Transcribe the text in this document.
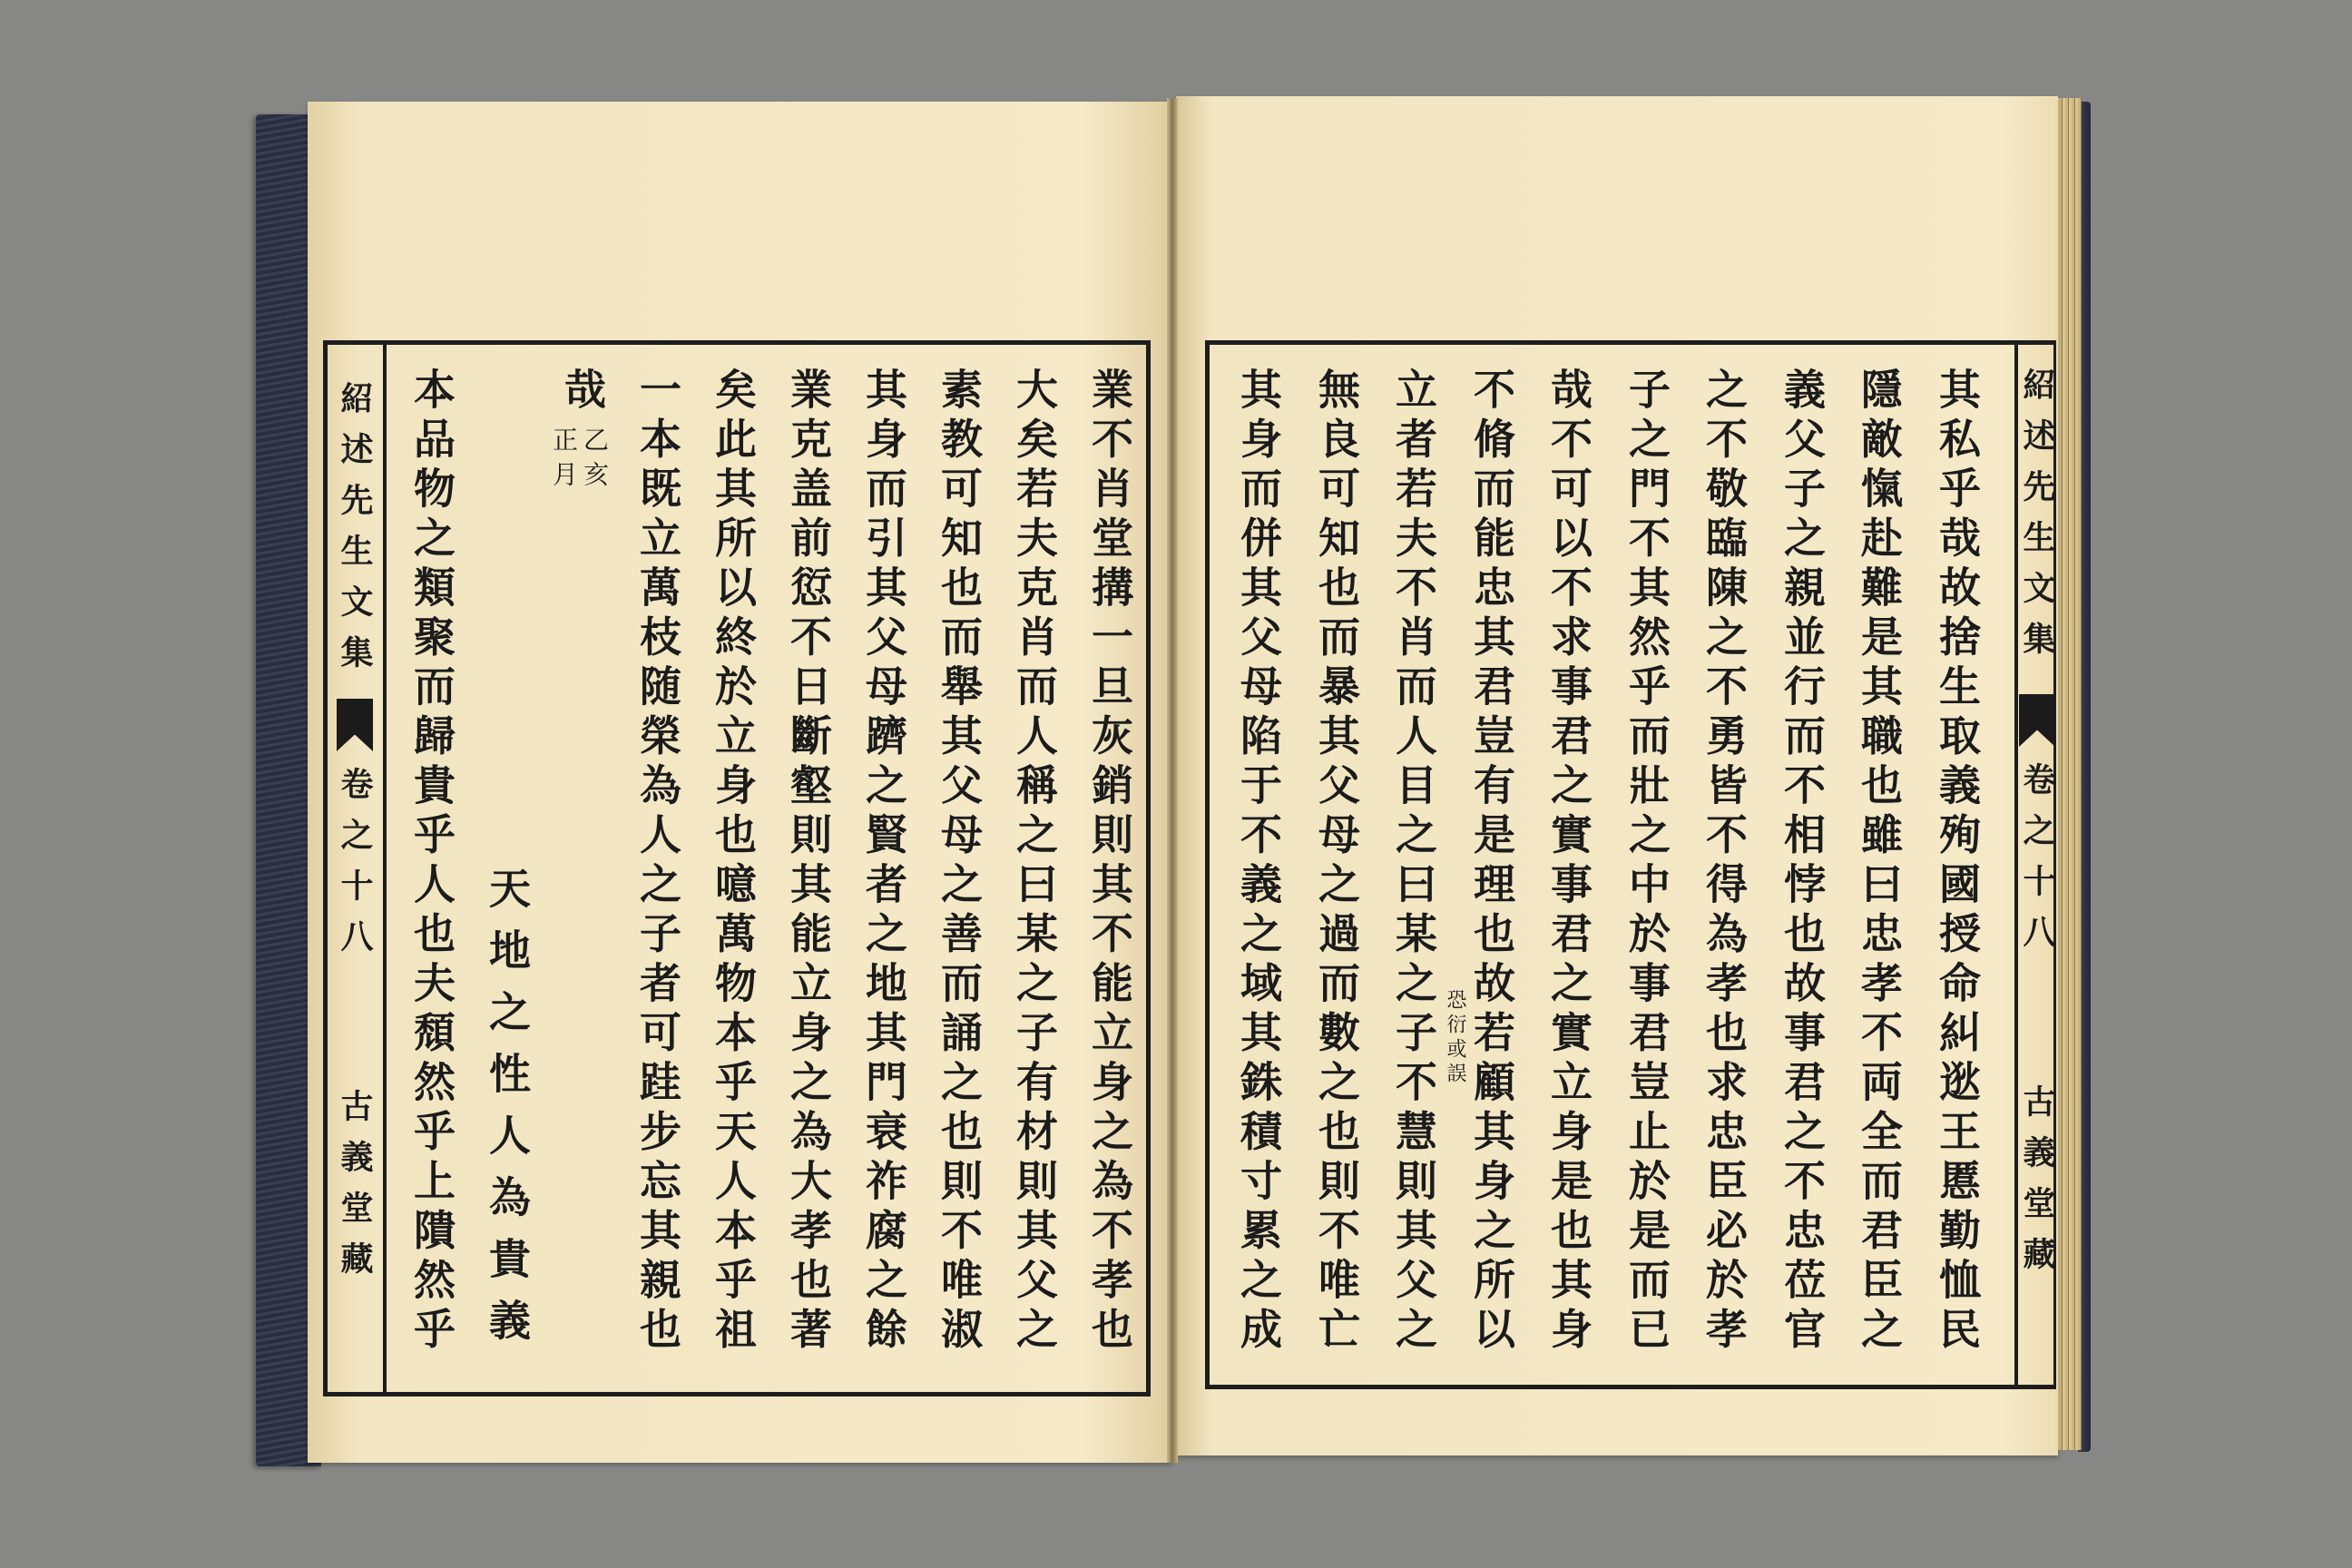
紹述先生文集
卷之十八
古義堂藏	業不肖堂搆一旦灰銷則其不能立身之為不孝也
大矣若夫克肖而人稱之曰某之子有材則其父之
素教可知也而舉其父母之善而誦之也則不唯淑
其身而引其父母躋之賢者之地其門衰祚腐之餘
業克盖前愆不日斷壑則其能立身之為大孝也著
矣此其所以終於立身也噫萬物本乎天人本乎祖
一本既立萬枝随榮為人之子者可跬步忘其親也
哉
乙亥
正月
天地之性人為貴義
本品物之類聚而歸貴乎人也夫頹然乎上隤然乎	紹述先生文集
卷之十八
古義堂藏
其私乎哉故捨生取義殉國授命糾逖王慝勤恤民
隱敵愾赴難是其職也雖曰忠孝不両全而君臣之
義父子之親並行而不相悖也故事君之不忠莅官
之不敬臨陳之不勇皆不得為孝也求忠臣必於孝
子之門不其然乎而壯之中於事君豈止於是而已
哉不可以不求事君之實事君之實立身是也其身
不脩而能忠其君豈有是理也故若顧其身之所以
立者若夫不肖而人目之曰某之子不慧則其父之
無良可知也而暴其父母之過而數之也則不唯亡
其身而併其父母陷于不義之域其銖積寸累之成	恐衍或誤
